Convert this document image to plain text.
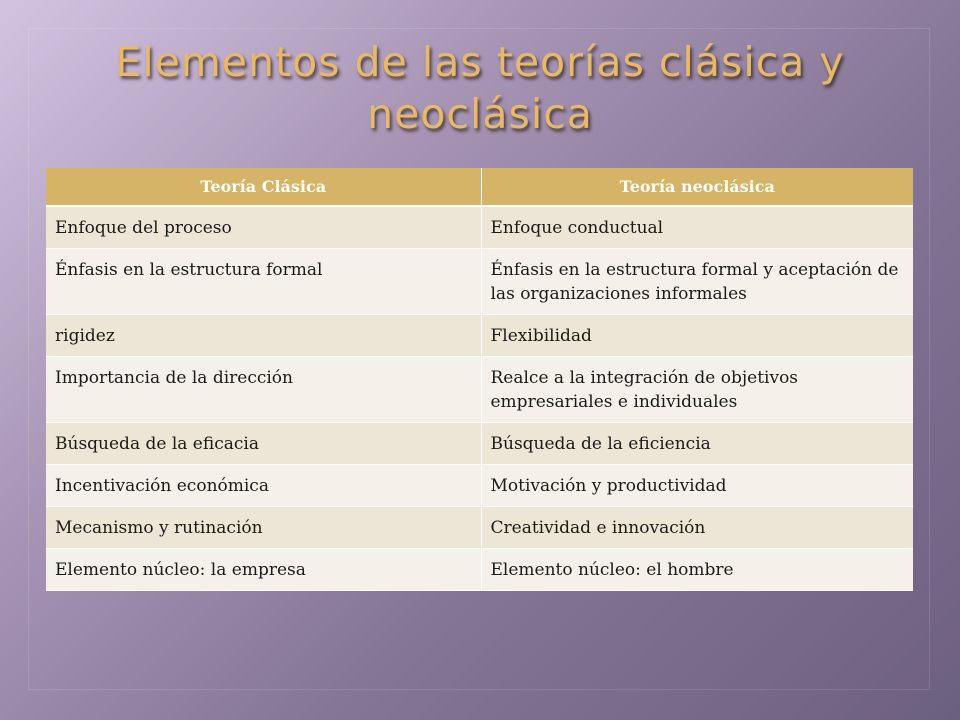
Elementos de las teorías clásica y
neoclásica
Teoría Clásica	Teoría neoclásica
Enfoque del proceso	Enfoque conductual
Énfasis en la estructura formal	Énfasis en la estructura formal y aceptación de las organizaciones informales
rigidez	Flexibilidad
Importancia de la dirección	Realce a la integración de objetivos empresariales e individuales
Búsqueda de la eficacia	Búsqueda de la eficiencia
Incentivación económica	Motivación y productividad
Mecanismo y rutinación	Creatividad e innovación
Elemento núcleo: la empresa	Elemento núcleo: el hombre
